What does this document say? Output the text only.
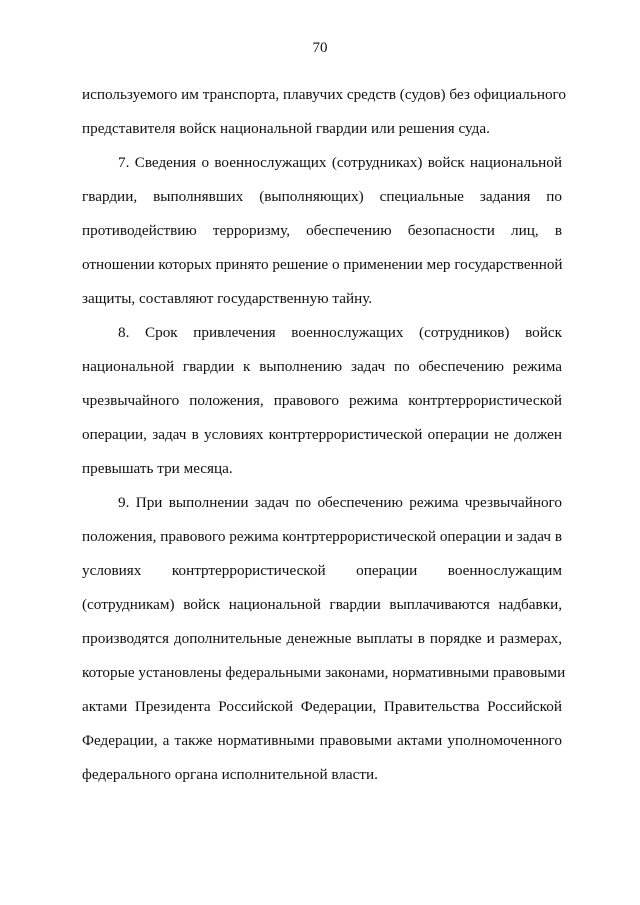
70

используемого им транспорта, плавучих средств (судов) без официального
представителя войск национальной гвардии или решения суда.

7. Сведения о военнослужащих (сотрудниках) войск национальной
гвардии, выполнявших (выполняющих) специальные задания по
противодействию терроризму, обеспечению безопасности лиц, в
отношении которых принято решение о применении мер государственной
защиты, составляют государственную тайну.

8. Срок привлечения военнослужащих (сотрудников) войск
национальной гвардии к выполнению задач по обеспечению режима
чрезвычайного положения, правового режима контртеррористической
операции, задач в условиях контртеррористической операции не должен
превышать три месяца.

9. При выполнении задач по обеспечению режима чрезвычайного
положения, правового режима контртеррористической операции и задач в
условиях контртеррористической операции военнослужащим
(сотрудникам) войск национальной гвардии выплачиваются надбавки,
производятся дополнительные денежные выплаты в порядке и размерах,
которые установлены федеральными законами, нормативными правовыми
актами Президента Российской Федерации, Правительства Российской
Федерации, а также нормативными правовыми актами уполномоченного
федерального органа исполнительной власти.
